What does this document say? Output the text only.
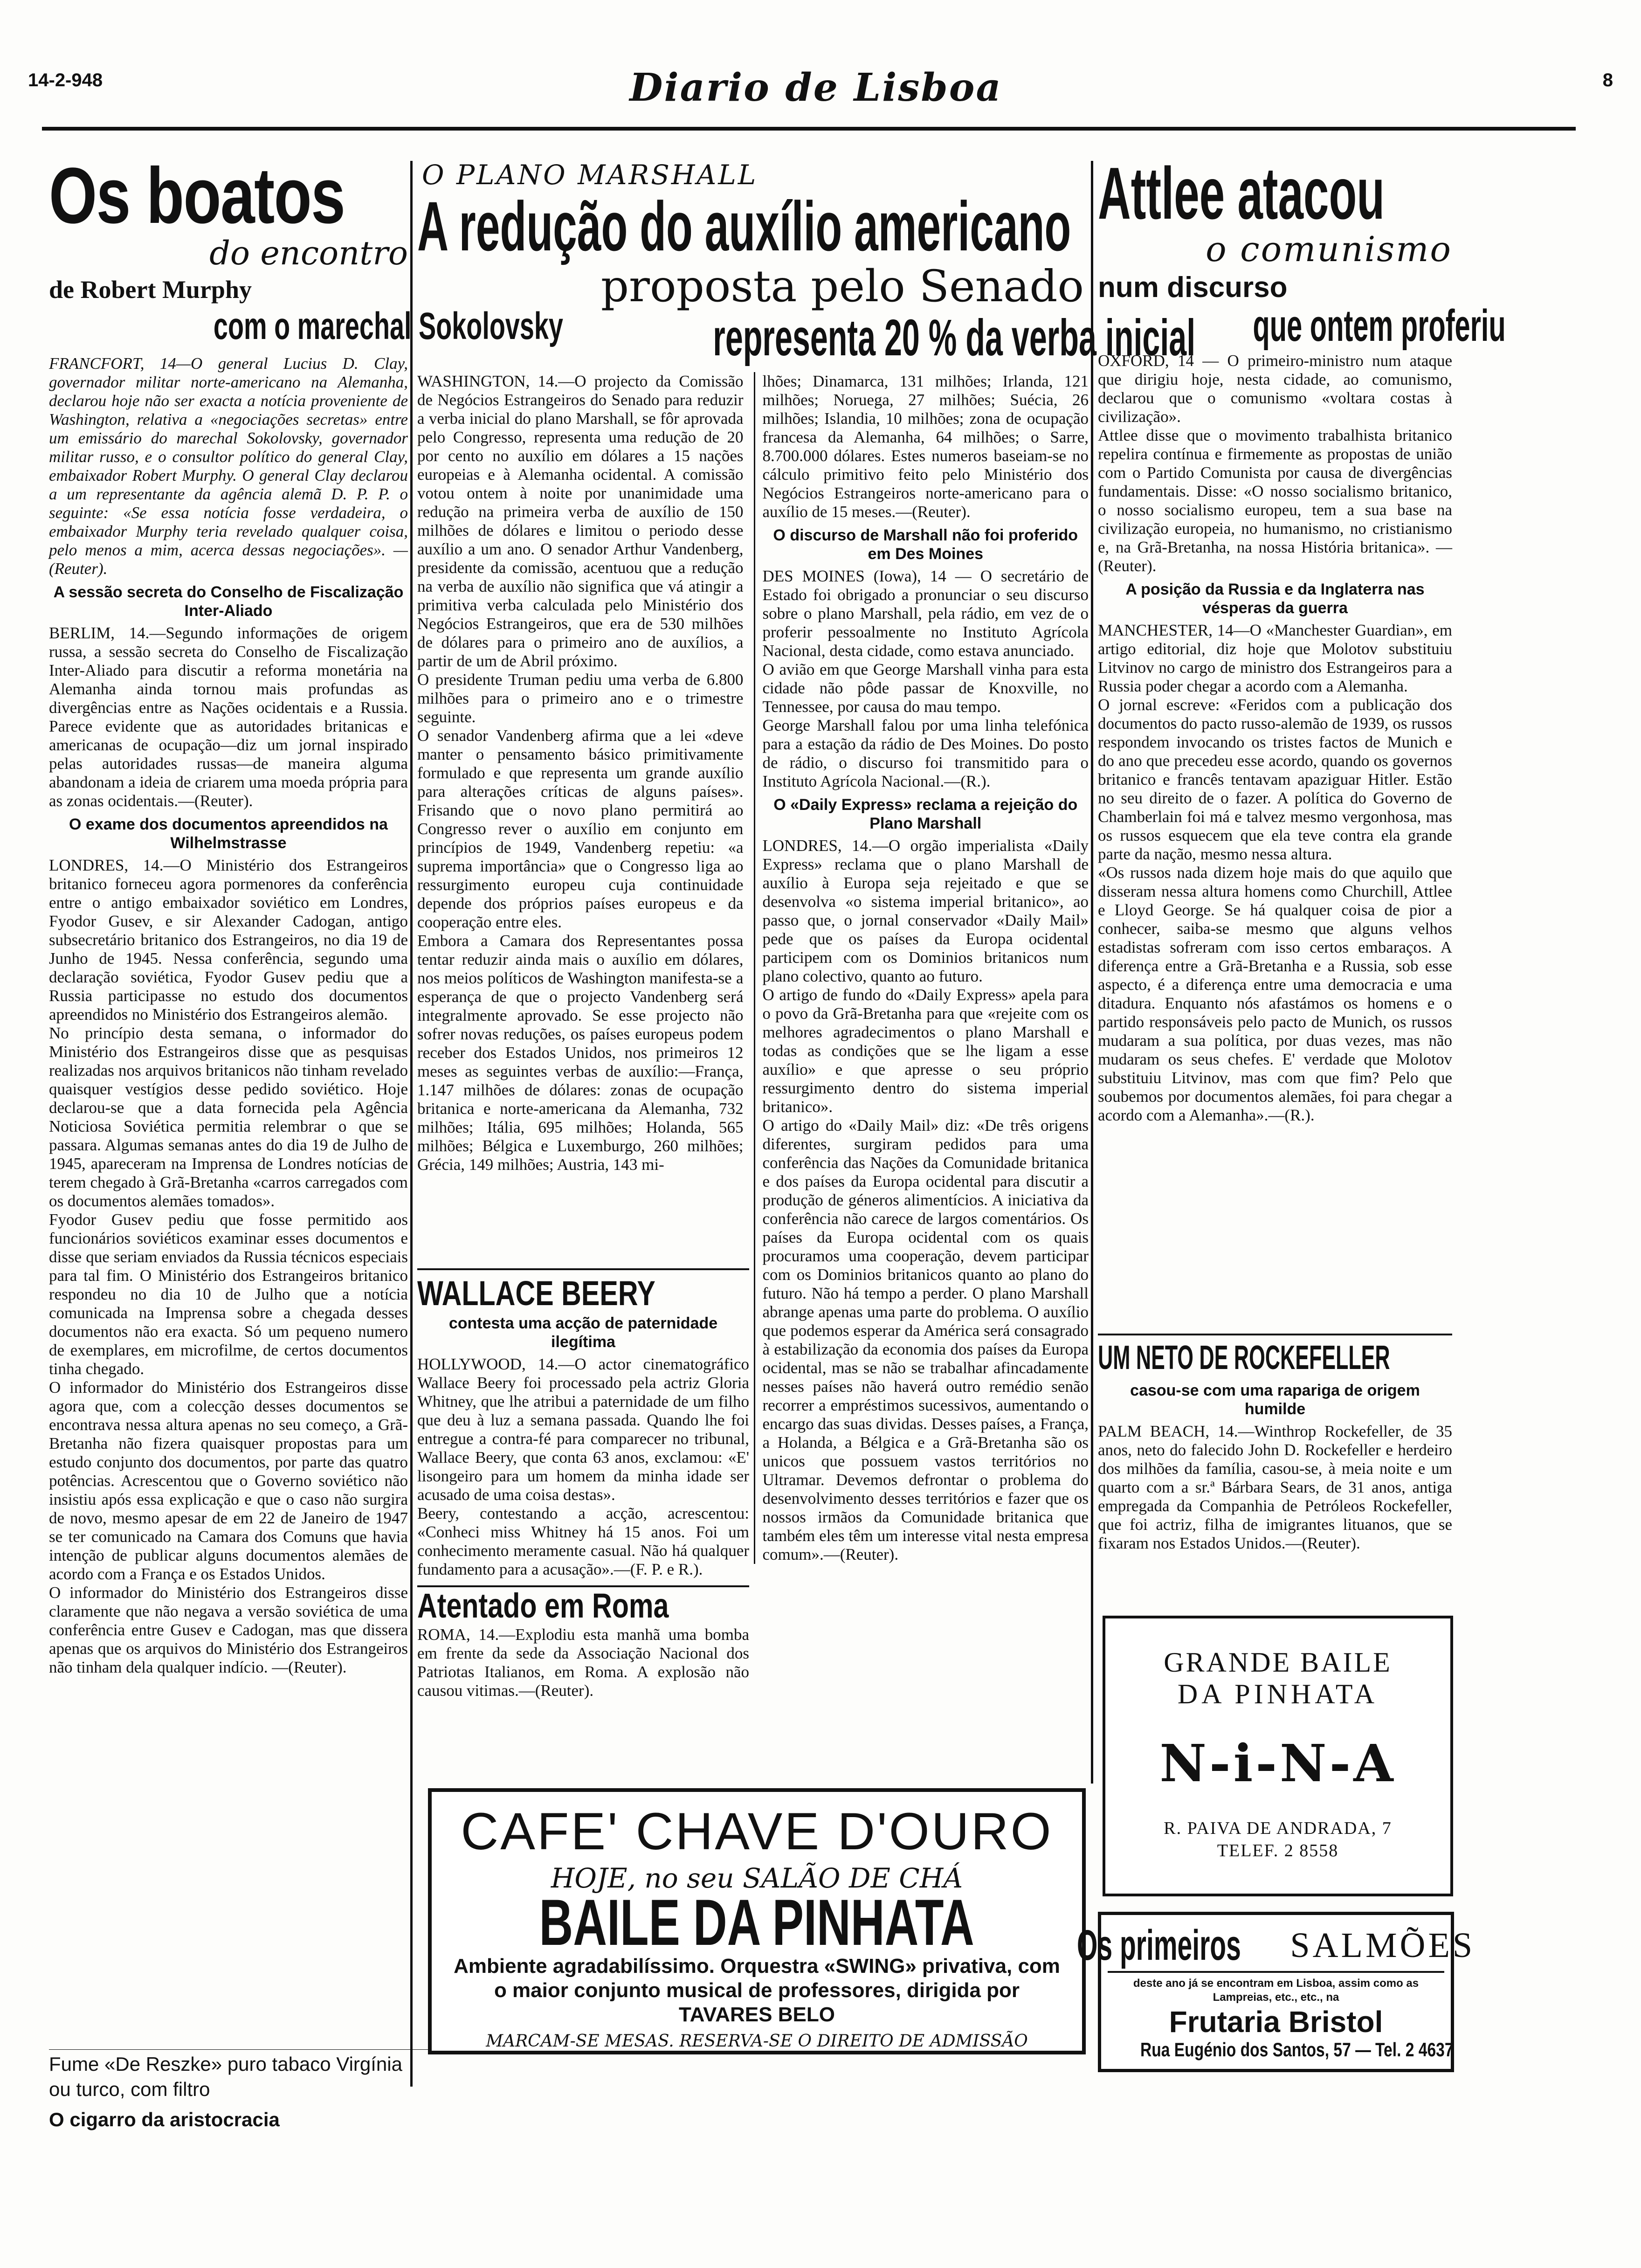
14-2-948	Diario de Lisboa	8
Os boatos
do encontro
de Robert Murphy
com o marechal Sokolovsky

FRANCFORT, 14—O general Lucius D. Clay, governador militar norte-americano na Alemanha, declarou hoje não ser exacta a notícia proveniente de Washington, relativa a «negociações secretas» entre um emissário do marechal Sokolovsky, governador militar russo, e o consultor político do general Clay, embaixador Robert Murphy. O general Clay declarou a um representante da agência alemã D. P. P. o seguinte: «Se essa notícia fosse verdadeira, o embaixador Murphy teria revelado qualquer coisa, pelo menos a mim, acerca dessas negociações». —(Reuter).

A sessão secreta do Conselho de Fiscalização Inter-Aliado

BERLIM, 14.—Segundo informações de origem russa, a sessão secreta do Conselho de Fiscalização Inter-Aliado para discutir a reforma monetária na Alemanha ainda tornou mais profundas as divergências entre as Nações ocidentais e a Russia. Parece evidente que as autoridades britanicas e americanas de ocupação—diz um jornal inspirado pelas autoridades russas—de maneira alguma abandonam a ideia de criarem uma moeda própria para as zonas ocidentais.—(Reuter).

O exame dos documentos apreendidos na Wilhelmstrasse

LONDRES, 14.—O Ministério dos Estrangeiros britanico forneceu agora pormenores da conferência entre o antigo embaixador soviético em Londres, Fyodor Gusev, e sir Alexander Cadogan, antigo subsecretário britanico dos Estrangeiros, no dia 19 de Junho de 1945. Nessa conferência, segundo uma declaração soviética, Fyodor Gusev pediu que a Russia participasse no estudo dos documentos apreendidos no Ministério dos Estrangeiros alemão.

No princípio desta semana, o informador do Ministério dos Estrangeiros disse que as pesquisas realizadas nos arquivos britanicos não tinham revelado quaisquer vestígios desse pedido soviético. Hoje declarou-se que a data fornecida pela Agência Noticiosa Soviética permitia relembrar o que se passara. Algumas semanas antes do dia 19 de Julho de 1945, apareceram na Imprensa de Londres notícias de terem chegado à Grã-Bretanha «carros carregados com os documentos alemães tomados».

Fyodor Gusev pediu que fosse permitido aos funcionários soviéticos examinar esses documentos e disse que seriam enviados da Russia técnicos especiais para tal fim. O Ministério dos Estrangeiros britanico respondeu no dia 10 de Julho que a notícia comunicada na Imprensa sobre a chegada desses documentos não era exacta. Só um pequeno numero de exemplares, em microfilme, de certos documentos tinha chegado.

O informador do Ministério dos Estrangeiros disse agora que, com a colecção desses documentos se encontrava nessa altura apenas no seu começo, a Grã-Bretanha não fizera quaisquer propostas para um estudo conjunto dos documentos, por parte das quatro potências. Acrescentou que o Governo soviético não insistiu após essa explicação e que o caso não surgira de novo, mesmo apesar de em 22 de Janeiro de 1947 se ter comunicado na Camara dos Comuns que havia intenção de publicar alguns documentos alemães de acordo com a França e os Estados Unidos.

O informador do Ministério dos Estrangeiros disse claramente que não negava a versão soviética de uma conferência entre Gusev e Cadogan, mas que dissera apenas que os arquivos do Ministério dos Estrangeiros não tinham dela qualquer indício. —(Reuter).

Fume «De Reszke» puro tabaco Virgínia ou turco, com filtro
O cigarro da aristocracia
O PLANO MARSHALL
A redução do auxílio americano
proposta pelo Senado
representa 20 % da verba inicial

WASHINGTON, 14.—O projecto da Comissão de Negócios Estrangeiros do Senado para reduzir a verba inicial do plano Marshall, se fôr aprovada pelo Congresso, representa uma redução de 20 por cento no auxílio em dólares a 15 nações europeias e à Alemanha ocidental. A comissão votou ontem à noite por unanimidade uma redução na primeira verba de auxílio de 150 milhões de dólares e limitou o periodo desse auxílio a um ano. O senador Arthur Vandenberg, presidente da comissão, acentuou que a redução na verba de auxílio não significa que vá atingir a primitiva verba calculada pelo Ministério dos Negócios Estrangeiros, que era de 530 milhões de dólares para o primeiro ano de auxílios, a partir de um de Abril próximo.

O presidente Truman pediu uma verba de 6.800 milhões para o primeiro ano e o trimestre seguinte.

O senador Vandenberg afirma que a lei «deve manter o pensamento básico primitivamente formulado e que representa um grande auxílio para alterações críticas de alguns países». Frisando que o novo plano permitirá ao Congresso rever o auxílio em conjunto em princípios de 1949, Vandenberg repetiu: «a suprema importância» que o Congresso liga ao ressurgimento europeu cuja continuidade depende dos próprios países europeus e da cooperação entre eles.

Embora a Camara dos Representantes possa tentar reduzir ainda mais o auxílio em dólares, nos meios políticos de Washington manifesta-se a esperança de que o projecto Vandenberg será integralmente aprovado. Se esse projecto não sofrer novas reduções, os países europeus podem receber dos Estados Unidos, nos primeiros 12 meses as seguintes verbas de auxílio:—França, 1.147 milhões de dólares: zonas de ocupação britanica e norte-americana da Alemanha, 732 milhões; Itália, 695 milhões; Holanda, 565 milhões; Bélgica e Luxemburgo, 260 milhões; Grécia, 149 milhões; Austria, 143 mi-

lhões; Dinamarca, 131 milhões; Irlanda, 121 milhões; Noruega, 27 milhões; Suécia, 26 milhões; Islandia, 10 milhões; zona de ocupação francesa da Alemanha, 64 milhões; o Sarre, 8.700.000 dólares. Estes numeros baseiam-se no cálculo primitivo feito pelo Ministério dos Negócios Estrangeiros norte-americano para o auxílio de 15 meses.—(Reuter).

O discurso de Marshall não foi proferido em Des Moines

DES MOINES (Iowa), 14 — O secretário de Estado foi obrigado a pronunciar o seu discurso sobre o plano Marshall, pela rádio, em vez de o proferir pessoalmente no Instituto Agrícola Nacional, desta cidade, como estava anunciado.

O avião em que George Marshall vinha para esta cidade não pôde passar de Knoxville, no Tennessee, por causa do mau tempo.

George Marshall falou por uma linha telefónica para a estação da rádio de Des Moines. Do posto de rádio, o discurso foi transmitido para o Instituto Agrícola Nacional.—(R.).

O «Daily Express» reclama a rejeição do Plano Marshall

LONDRES, 14.—O orgão imperialista «Daily Express» reclama que o plano Marshall de auxílio à Europa seja rejeitado e que se desenvolva «o sistema imperial britanico», ao passo que, o jornal conservador «Daily Mail» pede que os países da Europa ocidental participem com os Dominios britanicos num plano colectivo, quanto ao futuro.

O artigo de fundo do «Daily Express» apela para o povo da Grã-Bretanha para que «rejeite com os melhores agradecimentos o plano Marshall e todas as condições que se lhe ligam a esse auxílio» e que apresse o seu próprio ressurgimento dentro do sistema imperial britanico».

O artigo do «Daily Mail» diz: «De três origens diferentes, surgiram pedidos para uma conferência das Nações da Comunidade britanica e dos países da Europa ocidental para discutir a produção de géneros alimentícios. A iniciativa da conferência não carece de largos comentários. Os países da Europa ocidental com os quais procuramos uma cooperação, devem participar com os Dominios britanicos quanto ao plano do futuro. Não há tempo a perder. O plano Marshall abrange apenas uma parte do problema. O auxílio que podemos esperar da América será consagrado à estabilização da economia dos países da Europa ocidental, mas se não se trabalhar afincadamente nesses países não haverá outro remédio senão recorrer a empréstimos sucessivos, aumentando o encargo das suas dividas. Desses países, a França, a Holanda, a Bélgica e a Grã-Bretanha são os unicos que possuem vastos territórios no Ultramar. Devemos defrontar o problema do desenvolvimento desses territórios e fazer que os nossos irmãos da Comunidade britanica que também eles têm um interesse vital nesta empresa comum».—(Reuter).

WALLACE BEERY
contesta uma acção de paternidade ilegítima

HOLLYWOOD, 14.—O actor cinematográfico Wallace Beery foi processado pela actriz Gloria Whitney, que lhe atribui a paternidade de um filho que deu à luz a semana passada. Quando lhe foi entregue a contra-fé para comparecer no tribunal, Wallace Beery, que conta 63 anos, exclamou: «E' lisongeiro para um homem da minha idade ser acusado de uma coisa destas».

Beery, contestando a acção, acrescentou: «Conheci miss Whitney há 15 anos. Foi um conhecimento meramente casual. Não há qualquer fundamento para a acusação».—(F. P. e R.).

Atentado em Roma

ROMA, 14.—Explodiu esta manhã uma bomba em frente da sede da Associação Nacional dos Patriotas Italianos, em Roma. A explosão não causou vitimas.—(Reuter).

CAFE' CHAVE D'OURO
HOJE, no seu SALÃO DE CHÁ
BAILE DA PINHATA
Ambiente agradabilíssimo. Orquestra «SWING» privativa, com o maior conjunto musical de professores, dirigida por TAVARES BELO
MARCAM-SE MESAS. RESERVA-SE O DIREITO DE ADMISSÃO
Attlee atacou
o comunismo
num discurso
que ontem proferiu

OXFORD, 14 — O primeiro-ministro num ataque que dirigiu hoje, nesta cidade, ao comunismo, declarou que o comunismo «voltara costas à civilização».

Attlee disse que o movimento trabalhista britanico repelira contínua e firmemente as propostas de união com o Partido Comunista por causa de divergências fundamentais. Disse: «O nosso socialismo britanico, o nosso socialismo europeu, tem a sua base na civilização europeia, no humanismo, no cristianismo e, na Grã-Bretanha, na nossa História britanica». —(Reuter).

A posição da Russia e da Inglaterra nas vésperas da guerra

MANCHESTER, 14—O «Manchester Guardian», em artigo editorial, diz hoje que Molotov substituiu Litvinov no cargo de ministro dos Estrangeiros para a Russia poder chegar a acordo com a Alemanha.

O jornal escreve: «Feridos com a publicação dos documentos do pacto russo-alemão de 1939, os russos respondem invocando os tristes factos de Munich e do ano que precedeu esse acordo, quando os governos britanico e francês tentavam apaziguar Hitler. Estão no seu direito de o fazer. A política do Governo de Chamberlain foi má e talvez mesmo vergonhosa, mas os russos esquecem que ela teve contra ela grande parte da nação, mesmo nessa altura.

«Os russos nada dizem hoje mais do que aquilo que disseram nessa altura homens como Churchill, Attlee e Lloyd George. Se há qualquer coisa de pior a conhecer, saiba-se mesmo que alguns velhos estadistas sofreram com isso certos embaraços. A diferença entre a Grã-Bretanha e a Russia, sob esse aspecto, é a diferença entre uma democracia e uma ditadura. Enquanto nós afastámos os homens e o partido responsáveis pelo pacto de Munich, os russos mudaram a sua política, por duas vezes, mas não mudaram os seus chefes. E' verdade que Molotov substituiu Litvinov, mas com que fim? Pelo que soubemos por documentos alemães, foi para chegar a acordo com a Alemanha».—(R.).

UM NETO DE ROCKEFELLER
casou-se com uma rapariga de origem humilde

PALM BEACH, 14.—Winthrop Rockefeller, de 35 anos, neto do falecido John D. Rockefeller e herdeiro dos milhões da família, casou-se, à meia noite e um quarto com a sr.ª Bárbara Sears, de 31 anos, antiga empregada da Companhia de Petróleos Rockefeller, que foi actriz, filha de imigrantes lituanos, que se fixaram nos Estados Unidos.—(Reuter).

GRANDE BAILE
DA PINHATA
N-i-N-A
R. PAIVA DE ANDRADA, 7
TELEF. 2 8558
Os primeiros SALMÕES
deste ano já se encontram em Lisboa, assim como as Lampreias, etc., etc., na
Frutaria Bristol
Rua Eugénio dos Santos, 57 — Tel. 2 4637
